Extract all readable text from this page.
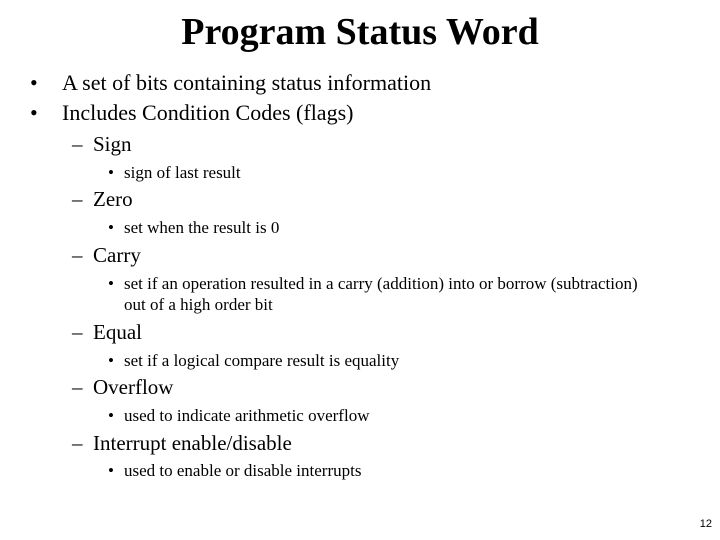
Program Status Word
• A set of bits containing status information
• Includes Condition Codes (flags)
– Sign
• sign of last result
– Zero
• set when the result is 0
– Carry
• set if an operation resulted in a carry (addition) into or borrow (subtraction) out of a high order bit
– Equal
• set if a logical compare result is equality
– Overflow
• used to indicate arithmetic overflow
– Interrupt enable/disable
• used to enable or disable interrupts
12
